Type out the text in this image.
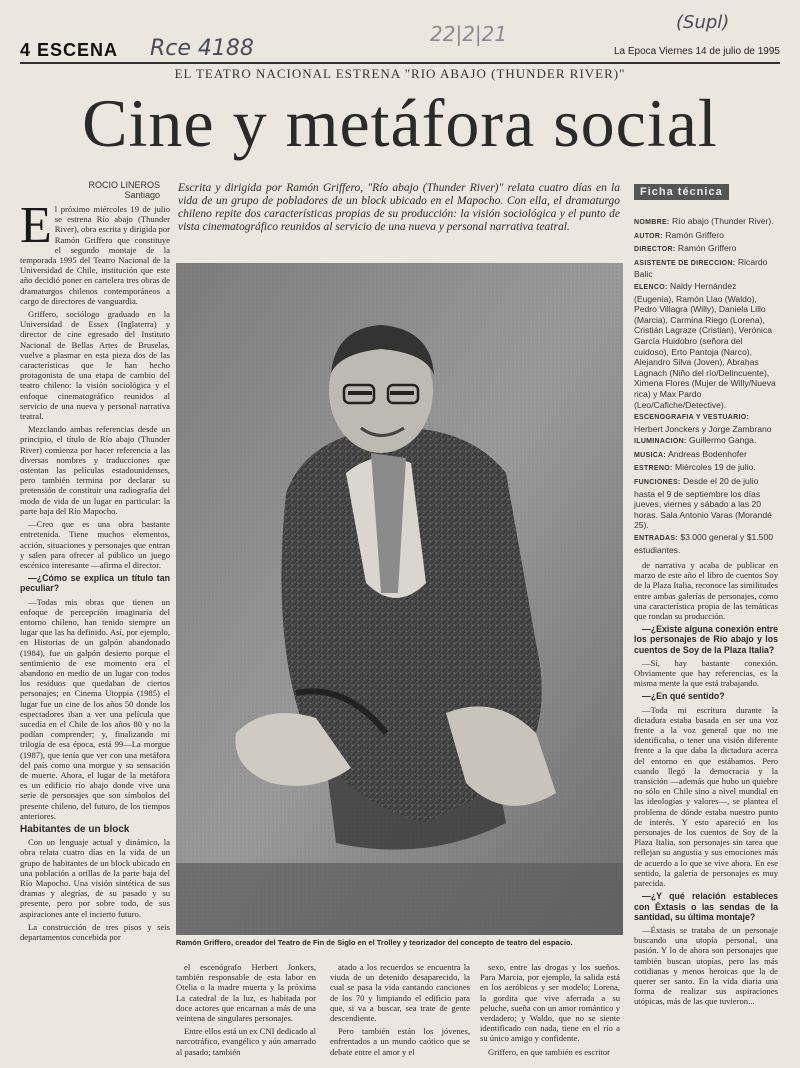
Rce 4188
22|2|21	(Supl)
4 ESCENA	La Epoca Viernes 14 de julio de 1995
EL TEATRO NACIONAL ESTRENA "RIO ABAJO (THUNDER RIVER)"
Cine y metáfora social
ROCIO LINEROS
Santiago

El próximo miércoles 19 de julio se estrena Río abajo (Thunder River), obra escrita y dirigida por Ramón Griffero que constituye el segundo montaje de la temporada 1995 del Teatro Nacional de la Universidad de Chile, institución que este año decidió poner en cartelera tres obras de dramaturgos chilenos contemporáneos a cargo de directores de vanguardia.

Griffero, sociólogo graduado en la Universidad de Essex (Inglaterra) y director de cine egresado del Instituto Nacional de Bellas Artes de Bruselas, vuelve a plasmar en esta pieza dos de las características que le han hecho protagonista de una etapa de cambio del teatro chileno: la visión sociológica y el enfoque cinematográfico reunidos al servicio de una nueva y personal narrativa teatral.

Mezclando ambas referencias desde un principio, el título de Río abajo (Thunder River) comienza por hacer referencia a las diversas nombres y traducciones que ostentan las películas estadounidenses, pero también termina por declarar su pretensión de constituir una radiografía del modo de vida de un lugar en particular: la parte baja del Río Mapocho.

—Creo que es una obra bastante entretenida. Tiene muchos elementos, acción, situaciones y personajes que entran y salen para ofrecer al público un juego escénico interesante —afirma el director.

—¿Cómo se explica un título tan peculiar?

—Todas mis obras que tienen un enfoque de percepción imaginaria del entorno chileno, han tenido siempre un lugar que las ha definido. Así, por ejemplo, en Historias de un galpón abandonado (1984), fue un galpón desierto porque el sentimiento de ese momento era el abandono en medio de un lugar con todos los residuos que quedaban de ciertos personajes; en Cinema Utoppia (1985) el lugar fue un cine de los años 50 donde los espectadores iban a ver una película que sucedía en el Chile de los años 80 y no la podían comprender; y, finalizando mi trilogía de esa época, está 99—La morgue (1987), que tenía que ver con una metáfora del país como una morgue y su sensación de muerte. Ahora, el lugar de la metáfora es un edificio río abajo donde vive una serie de personajes que son símbolos del presente chileno, del futuro, de los tiempos anteriores.

Habitantes de un block

Con un lenguaje actual y dinámico, la obra relata cuatro días en la vida de un grupo de habitantes de un block ubicado en una población a orillas de la parte baja del Río Mapocho. Una visión sintética de sus dramas y alegrías, de su pasado y su presente, pero por sobre todo, de sus aspiraciones ante el incierto futuro.

La construcción de tres pisos y seis departamentos concebida por

Escrita y dirigida por Ramón Griffero, "Río abajo (Thunder River)" relata cuatro días en la vida de un grupo de pobladores de un block ubicado en el Mapocho. Con ella, el dramaturgo chileno repite dos características propias de su producción: la visión sociológica y el punto de vista cinematográfico reunidos al servicio de una nueva y personal narrativa teatral.
Ramón Griffero, creador del Teatro de Fin de Siglo en el Trolley y teorizador del concepto de teatro del espacio.

el escenógrafo Herbert Jonkers, también responsable de esta labor en Otelia o la madre muerta y la próxima La catedral de la luz, es habitada por doce actores que encarnan a más de una veintena de singulares personajes.

Entre ellos está un ex CNI dedicado al narcotráfico, evangélico y aún amarrado al pasado; también

atado a los recuerdos se encuentra la viuda de un detenido desaparecido, la cual se pasa la vida cantando canciones de los 70 y limpiando el edificio para que, si va a buscar, sea trate de gente descendiente.

Pero también están los jóvenes, enfrentados a un mundo caótico que se debate entre el amor y el

sexo, entre las drogas y los sueños. Para Marcia, por ejemplo, la salida está en los aeróbicos y ser modelo; Lorena, la gordita que vive aferrada a su peluche, sueña con un amor romántico y verdadero; y Waldo, que no se siente identificado con nada, tiene en el río a su único amigo y confidente.

Griffero, en que también es escritor

Ficha técnica
NOMBRE: Río abajo (Thunder River).
AUTOR: Ramón Griffero
DIRECTOR: Ramón Griffero
ASISTENTE DE DIRECCION: Ricardo Balic
ELENCO: Naldy Hernández (Eugenia), Ramón Llao (Waldo), Pedro Villagra (Willy), Daniela Lillo (Marcia), Carmina Riego (Lorena), Cristián Lagraze (Cristian), Verónica García Huidobro (señora del cuidoso), Erto Pantoja (Narco), Alejandro Silva (Joven), Abrahas Lagnach (Niño del río/Delincuente), Ximena Flores (Mujer de Willy/Nueva rica) y Max Pardo (Leo/Cafiche/Detective).
ESCENOGRAFIA Y VESTUARIO: Herbert Jonckers y Jorge Zambrano
ILUMINACION: Guillermo Ganga.
MUSICA: Andreas Bodenhofer
ESTRENO: Miércoles 19 de julio.
FUNCIONES: Desde el 20 de julio hasta el 9 de septiembre los días jueves, viernes y sábado a las 20 horas. Sala Antonio Varas (Morandé 25).
ENTRADAS: $3.000 general y $1.500 estudiantes.

de narrativa y acaba de publicar en marzo de este año el libro de cuentos Soy de la Plaza Italia, reconoce las similitudes entre ambas galerías de personajes, como una característica propia de las temáticas que rondan su producción.

—¿Existe alguna conexión entre los personajes de Río abajo y los cuentos de Soy de la Plaza Italia?

—Sí, hay bastante conexión. Obviamente que hay referencias, es la misma mente la que está trabajando.

—¿En qué sentido?

—Toda mi escritura durante la dictadura estaba basada en ser una voz frente a la voz general que no me identificaba, o tener una visión diferente frente a la que daba la dictadura acerca del entorno en que estábamos. Pero cuando llegó la democracia y la transición —además que hubo un quiebre no sólo en Chile sino a nivel mundial en las ideologías y valores—, se plantea el problema de dónde estaba nuestro punto de interés. Y esto apareció en los personajes de los cuentos de Soy de la Plaza Italia, son personajes sin tarea que reflejan su angustia y sus emociones más de acuerdo a lo que se vive ahora. En ese sentido, la galería de personajes es muy parecida.

—¿Y qué relación estableces con Éxtasis o las sendas de la santidad, su última montaje?

—Éxtasis se trataba de un personaje buscando una utopía personal, una pasión. Y lo de ahora son personajes que también buscan utopías, pero las más cotidianas y menos heroicas que la de querer ser santo. En la vida diaria una forma de realizar sus aspiraciones utópicas, más de las que tuvieron...
